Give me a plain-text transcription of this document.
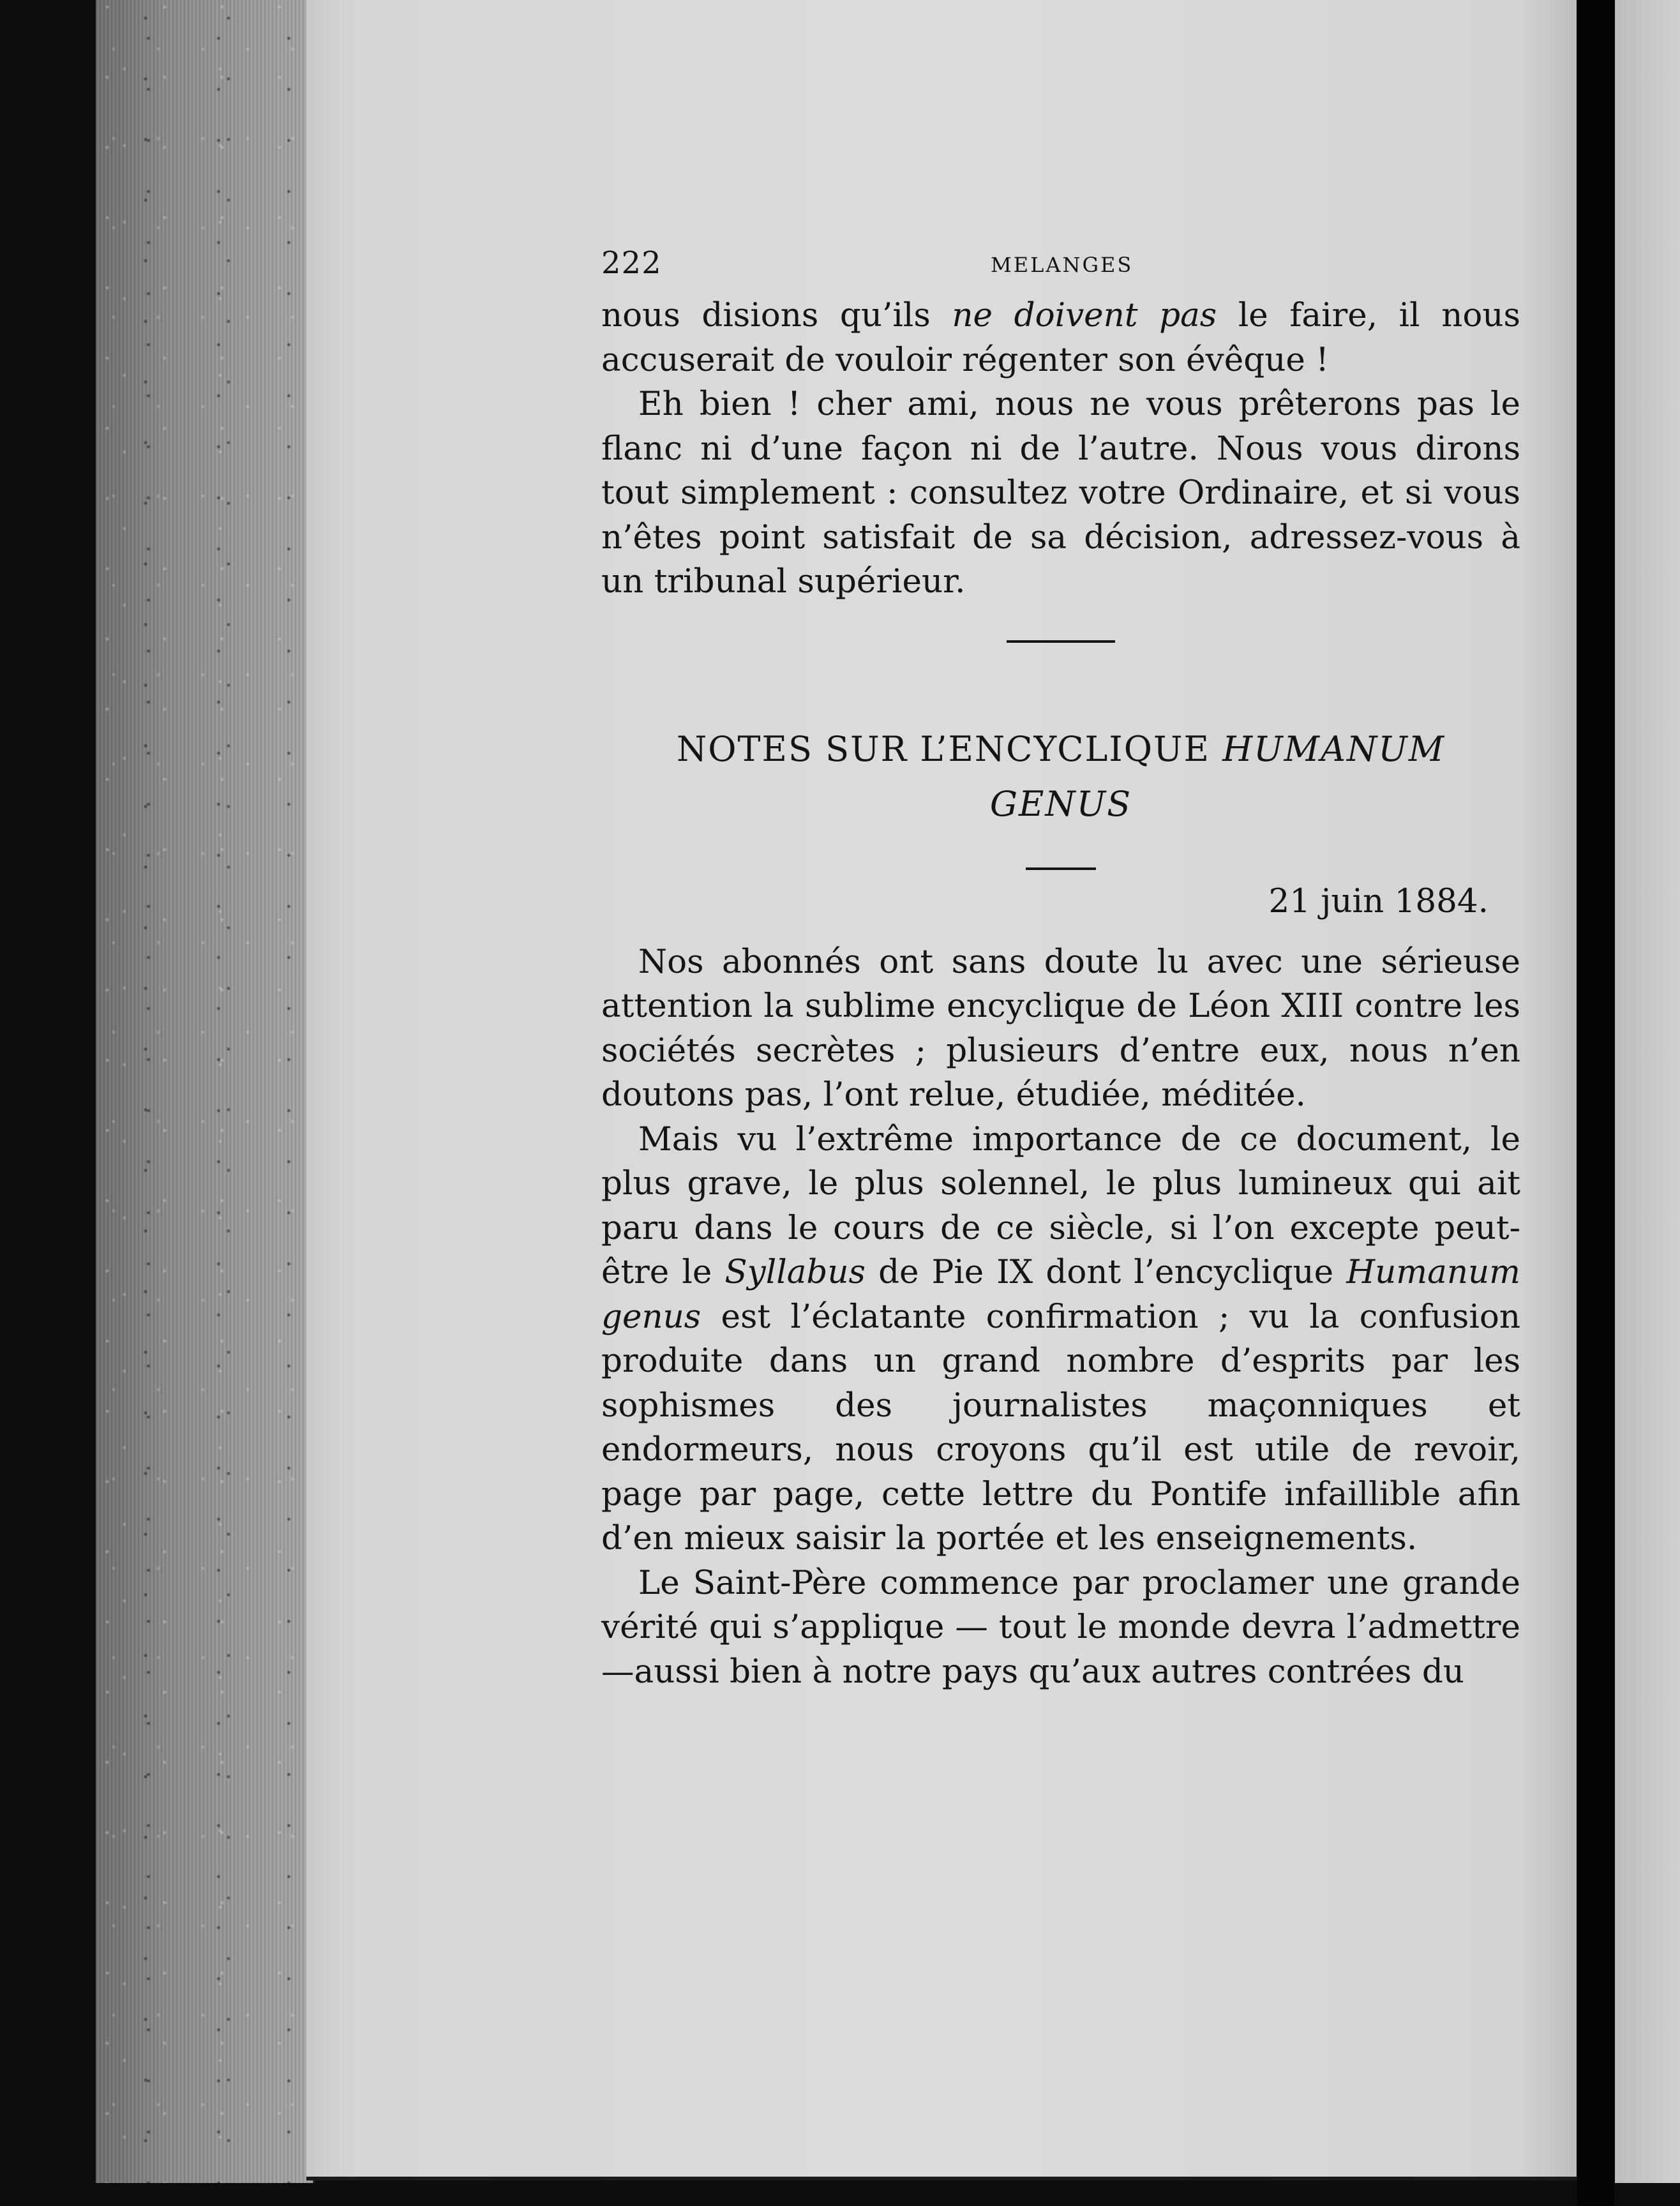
222	MELANGES

nous disions qu’ils ne doivent pas le faire, il nous accuserait de vouloir régenter son évêque !

Eh bien ! cher ami, nous ne vous prêterons pas le flanc ni d’une façon ni de l’autre. Nous vous dirons tout simplement : consultez votre Ordinaire, et si vous n’êtes point satisfait de sa décision, adressez-vous à un tribunal supérieur.

NOTES SUR L’ENCYCLIQUE HUMANUM
GENUS
21 juin 1884.

Nos abonnés ont sans doute lu avec une sérieuse attention la sublime encyclique de Léon XIII contre les sociétés secrètes ; plusieurs d’entre eux, nous n’en doutons pas, l’ont relue, étudiée, méditée.

Mais vu l’extrême importance de ce document, le plus grave, le plus solennel, le plus lumineux qui ait paru dans le cours de ce siècle, si l’on excepte peut-être le Syllabus de Pie IX dont l’encyclique Humanum genus est l’éclatante confirmation ; vu la confusion produite dans un grand nombre d’esprits par les sophismes des journalistes maçonniques et endormeurs, nous croyons qu’il est utile de revoir, page par page, cette lettre du Pontife infaillible afin d’en mieux saisir la portée et les enseignements.

Le Saint-Père commence par proclamer une grande vérité qui s’applique — tout le monde devra l’admettre —aussi bien à notre pays qu’aux autres contrées du
